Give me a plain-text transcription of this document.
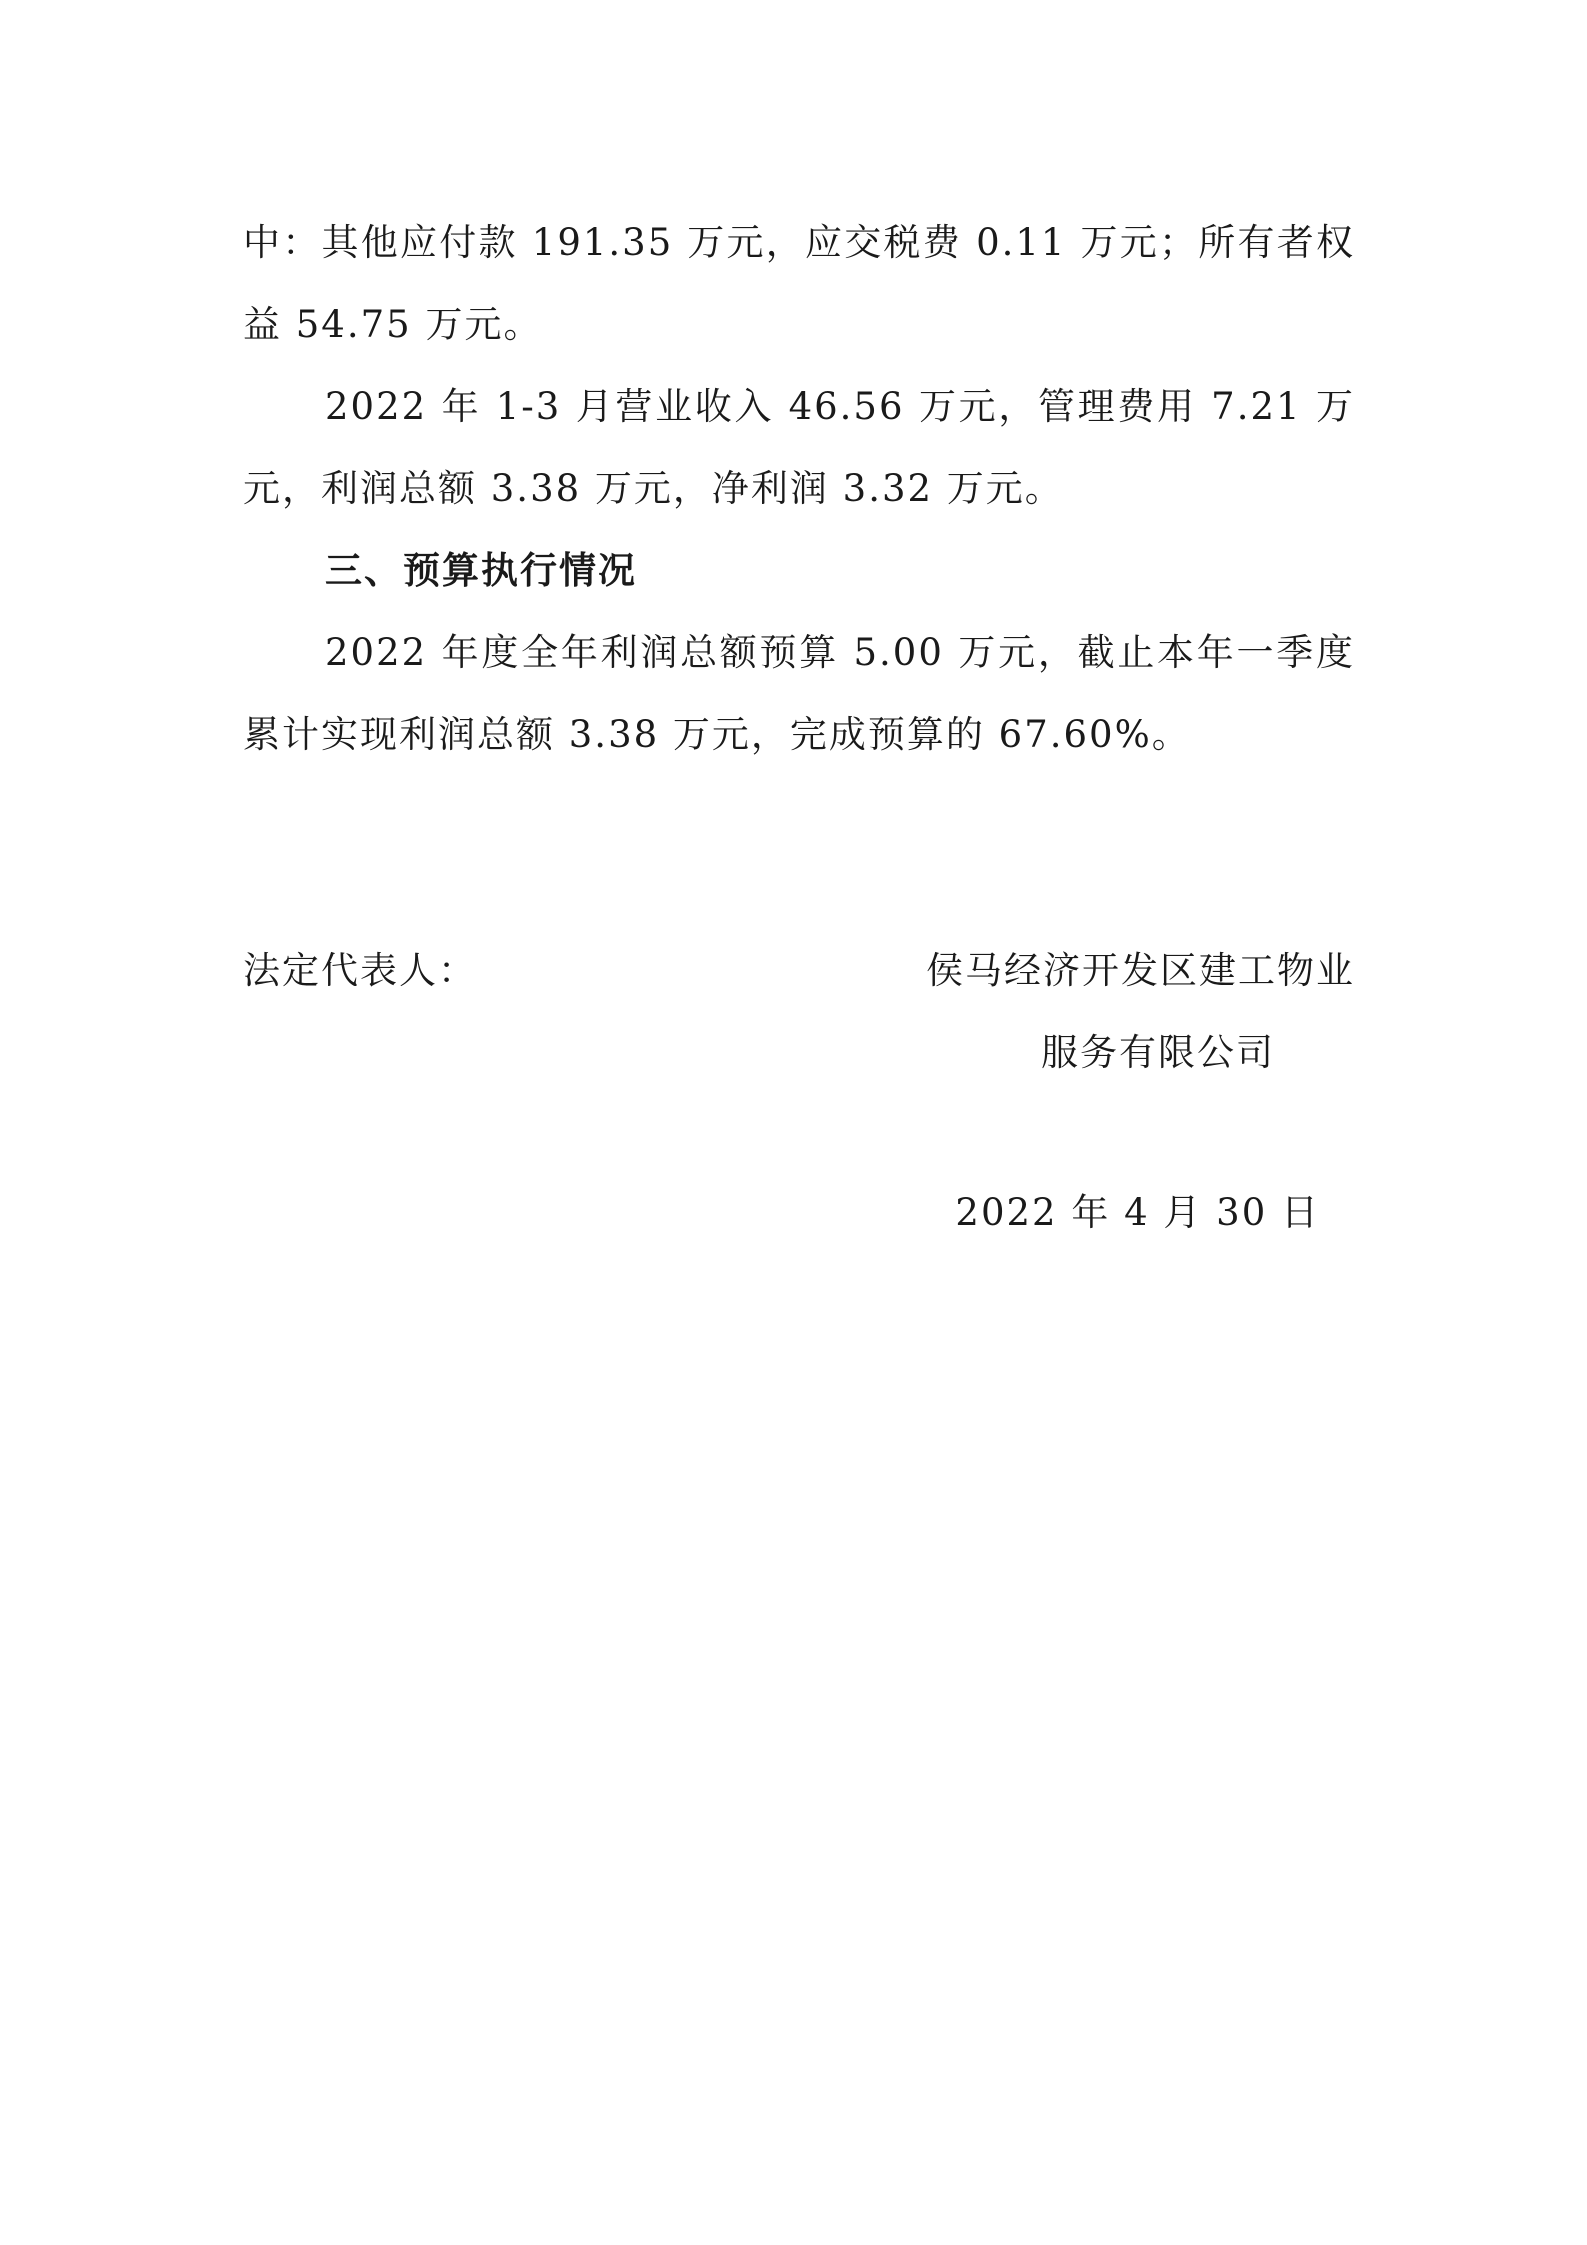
中：其他应付款 191.35 万元，应交税费 0.11 万元；所有者权益 54.75 万元。

2022 年 1-3 月营业收入 46.56 万元，管理费用 7.21 万元，利润总额 3.38 万元，净利润 3.32 万元。

三、预算执行情况

2022 年度全年利润总额预算 5.00 万元，截止本年一季度累计实现利润总额 3.38 万元，完成预算的 67.60%。

法定代表人：	侯马经济开发区建工物业
服务有限公司
2022 年 4 月 30 日
